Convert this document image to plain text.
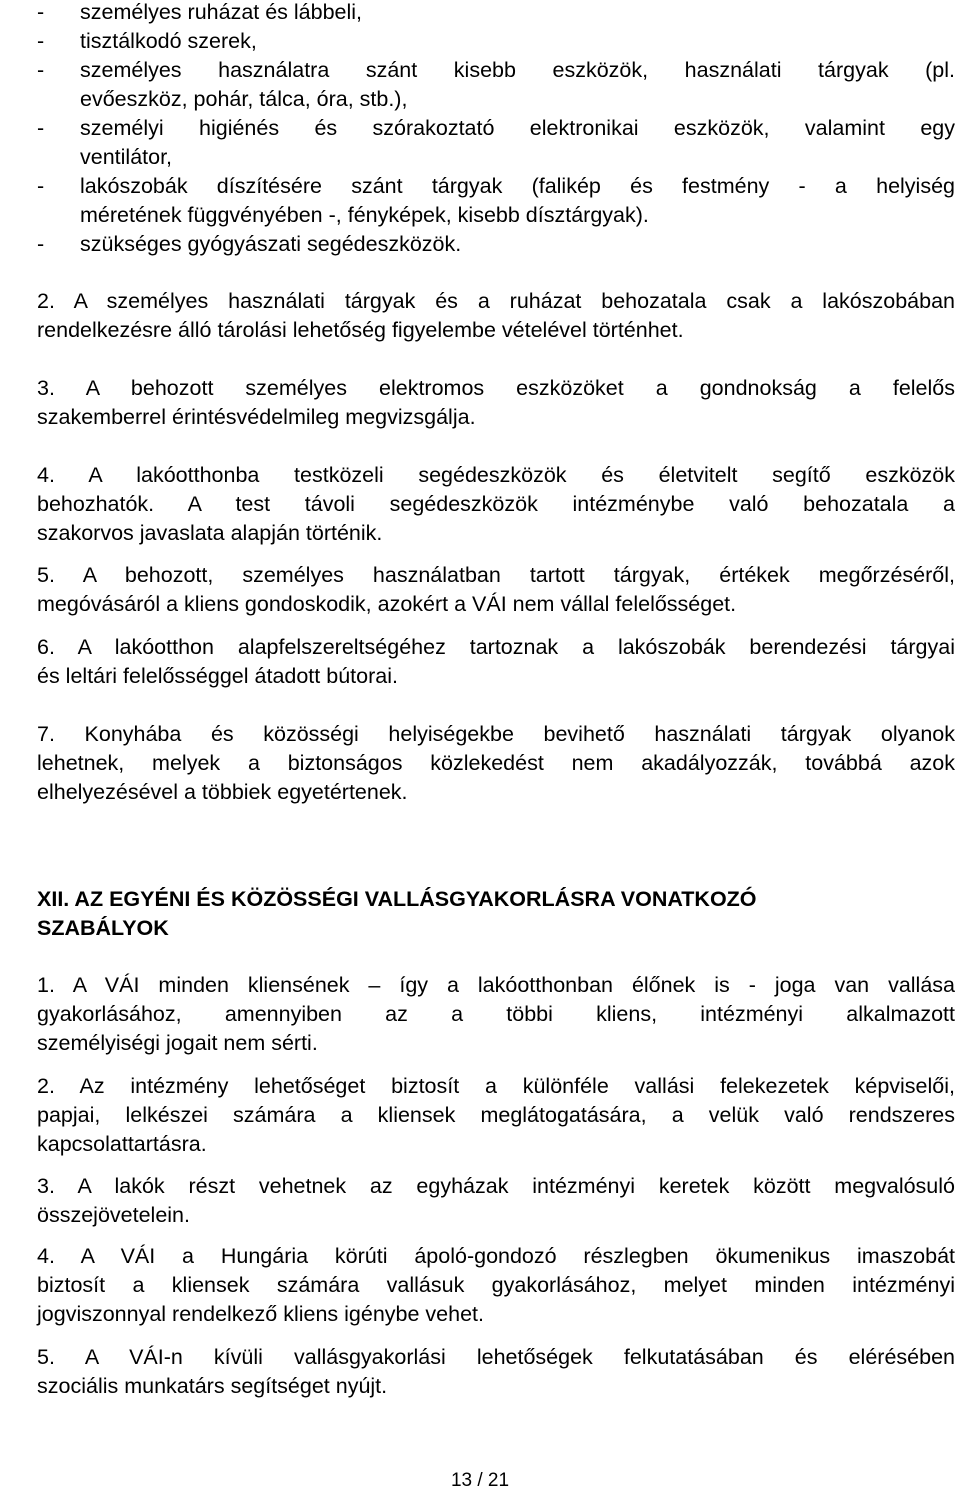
- személyes ruházat és lábbeli,
- tisztálkodó szerek,
- személyes használatra szánt kisebb eszközök, használati tárgyak (pl.
evőeszköz, pohár, tálca, óra, stb.),
- személyi higiénés és szórakoztató elektronikai eszközök, valamint egy
ventilátor,
- lakószobák díszítésére szánt tárgyak (falikép és festmény - a helyiség
méretének függvényében -, fényképek, kisebb dísztárgyak).
- szükséges gyógyászati segédeszközök.
2. A személyes használati tárgyak és a ruházat behozatala csak a lakószobában
rendelkezésre álló tárolási lehetőség figyelembe vételével történhet.
3. A behozott személyes elektromos eszközöket a gondnokság a felelős
szakemberrel érintésvédelmileg megvizsgálja.
4. A lakóotthonba testközeli segédeszközök és életvitelt segítő eszközök
behozhatók. A test távoli segédeszközök intézménybe való behozatala a
szakorvos javaslata alapján történik.
5. A behozott, személyes használatban tartott tárgyak, értékek megőrzéséről,
megóvásáról a kliens gondoskodik, azokért a VÁI nem vállal felelősséget.
6. A lakóotthon alapfelszereltségéhez tartoznak a lakószobák berendezési tárgyai
és leltári felelősséggel átadott bútorai.
7. Konyhába és közösségi helyiségekbe bevihető használati tárgyak olyanok
lehetnek, melyek a biztonságos közlekedést nem akadályozzák, továbbá azok
elhelyezésével a többiek egyetértenek.
XII. AZ EGYÉNI ÉS KÖZÖSSÉGI VALLÁSGYAKORLÁSRA VONATKOZÓ
SZABÁLYOK
1. A VÁI minden kliensének – így a lakóotthonban élőnek is - joga van vallása
gyakorlásához, amennyiben az a többi kliens, intézményi alkalmazott
személyiségi jogait nem sérti.
2. Az intézmény lehetőséget biztosít a különféle vallási felekezetek képviselői,
papjai, lelkészei számára a kliensek meglátogatására, a velük való rendszeres
kapcsolattartásra.
3. A lakók részt vehetnek az egyházak intézményi keretek között megvalósuló
összejövetelein.
4. A VÁI a Hungária körúti ápoló-gondozó részlegben ökumenikus imaszobát
biztosít a kliensek számára vallásuk gyakorlásához, melyet minden intézményi
jogviszonnyal rendelkező kliens igénybe vehet.
5. A VÁI-n kívüli vallásgyakorlási lehetőségek felkutatásában és elérésében
szociális munkatárs segítséget nyújt.
13 / 21
